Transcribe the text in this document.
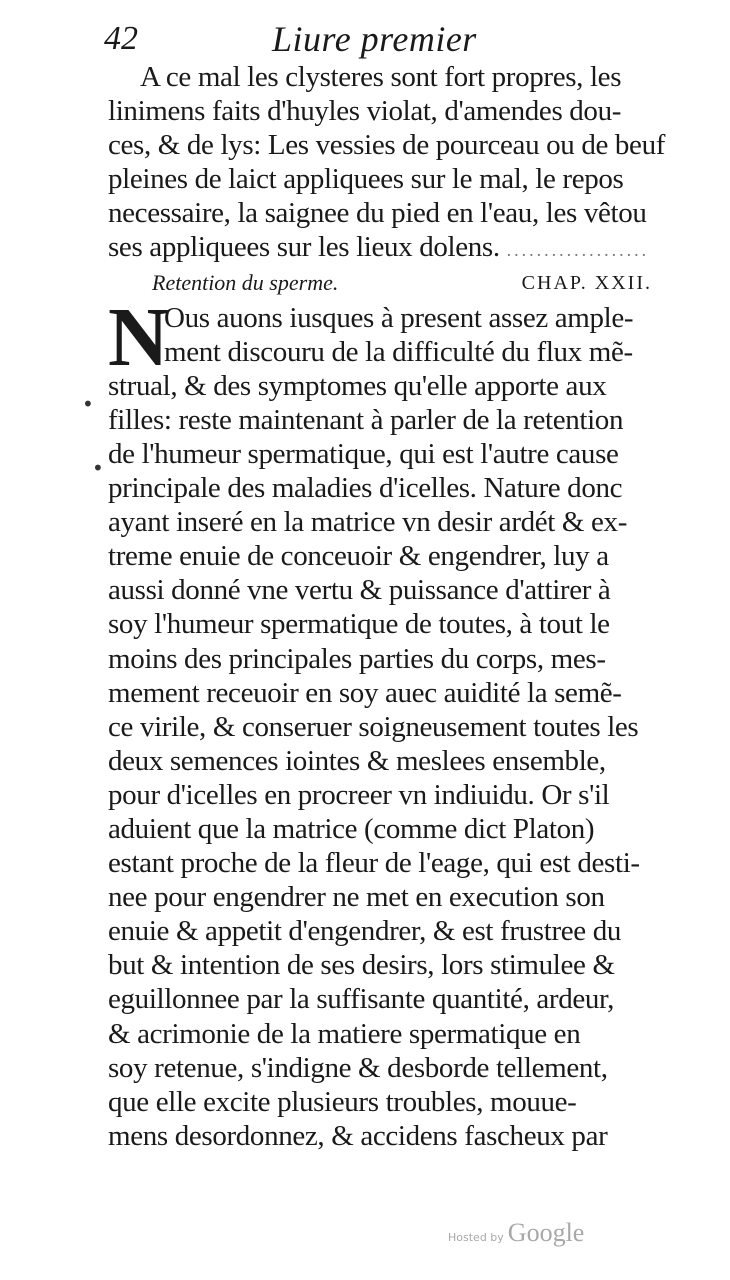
42	Liure premier
•
•
A ce mal les clysteres sont fort propres, les
linimens faits d'huyles violat, d'amendes dou-
ces, & de lys: Les vessies de pourceau ou de beuf
pleines de laict appliquees sur le mal, le repos
necessaire, la saignee du pied en l'eau, les vêtou
ses appliquees sur les lieux dolens. ...................
Retention du sperme.	CHAP. XXII.
N
Ous auons iusques à present assez ample-
ment discouru de la difficulté du flux mẽ-
strual, & des symptomes qu'elle apporte aux
filles: reste maintenant à parler de la retention
de l'humeur spermatique, qui est l'autre cause
principale des maladies d'icelles. Nature donc
ayant inseré en la matrice vn desir ardét & ex-
treme enuie de conceuoir & engendrer, luy a
aussi donné vne vertu & puissance d'attirer à
soy l'humeur spermatique de toutes, à tout le
moins des principales parties du corps, mes-
mement receuoir en soy auec auidité la semẽ-
ce virile, & conseruer soigneusement toutes les
deux semences iointes & meslees ensemble,
pour d'icelles en procreer vn indiuidu. Or s'il
aduient que la matrice (comme dict Platon)
estant proche de la fleur de l'eage, qui est desti-
nee pour engendrer ne met en execution son
enuie & appetit d'engendrer, & est frustree du
but & intention de ses desirs, lors stimulee &
eguillonnee par la suffisante quantité, ardeur,
& acrimonie de la matiere spermatique en
soy retenue, s'indigne & desborde tellement,
que elle excite plusieurs troubles, mouue-
mens desordonnez, & accidens fascheux par
Hosted by Google
